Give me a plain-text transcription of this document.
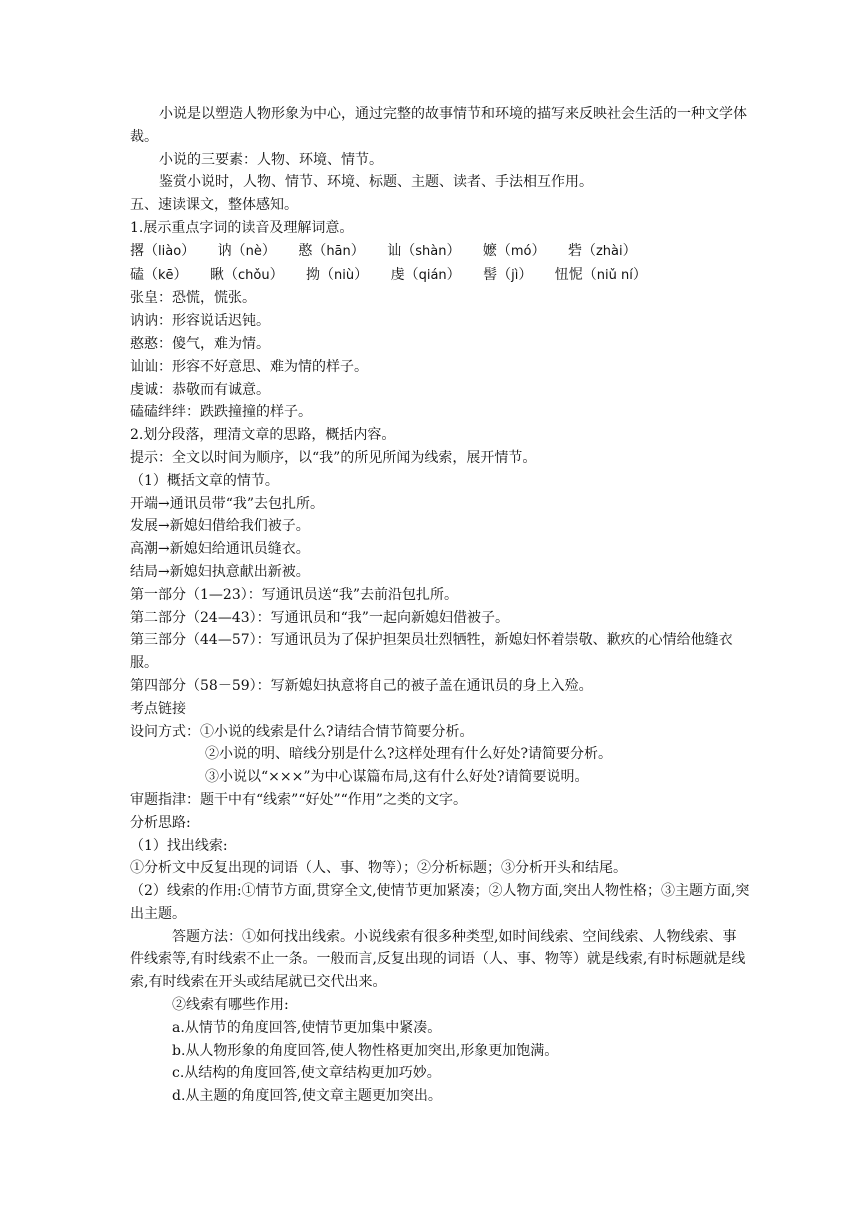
小说是以塑造人物形象为中心，通过完整的故事情节和环境的描写来反映社会生活的一种文学体裁。

小说的三要素：人物、环境、情节。

鉴赏小说时，人物、情节、环境、标题、主题、读者、手法相互作用。

五、速读课文，整体感知。

1.展示重点字词的读音及理解词意。

撂（liào） 讷（nè） 憨（hān） 讪（shàn） 嬷（mó） 砦（zhài）

磕（kē） 瞅（chǒu） 拗（niù） 虔（qián） 髻（jì） 忸怩（niǔ ní）

张皇：恐慌，慌张。

讷讷：形容说话迟钝。

憨憨：傻气，难为情。

讪讪：形容不好意思、难为情的样子。

虔诚：恭敬而有诚意。

磕磕绊绊：跌跌撞撞的样子。

2.划分段落，理清文章的思路，概括内容。

提示：全文以时间为顺序，以“我”的所见所闻为线索，展开情节。

（1）概括文章的情节。

开端→通讯员带“我”去包扎所。

发展→新媳妇借给我们被子。

高潮→新媳妇给通讯员缝衣。

结局→新媳妇执意献出新被。

第一部分（1—23）：写通讯员送“我”去前沿包扎所。

第二部分（24—43）：写通讯员和“我”一起向新媳妇借被子。

第三部分（44—57）：写通讯员为了保护担架员壮烈牺牲，新媳妇怀着崇敬、歉疚的心情给他缝衣服。

第四部分（58－59）：写新媳妇执意将自己的被子盖在通讯员的身上入殓。

考点链接

设问方式：①小说的线索是什么?请结合情节简要分析。

②小说的明、暗线分别是什么?这样处理有什么好处?请简要分析。

③小说以“×××”为中心谋篇布局,这有什么好处?请简要说明。

审题指津：题干中有“线索”“好处”“作用”之类的文字。

分析思路:

（1）找出线索:

①分析文中反复出现的词语（人、事、物等）；②分析标题；③分析开头和结尾。

（2）线索的作用:①情节方面,贯穿全文,使情节更加紧凑；②人物方面,突出人物性格；③主题方面,突出主题。

答题方法：①如何找出线索。小说线索有很多种类型,如时间线索、空间线索、人物线索、事件线索等,有时线索不止一条。一般而言,反复出现的词语（人、事、物等）就是线索,有时标题就是线索,有时线索在开头或结尾就已交代出来。

②线索有哪些作用:

a.从情节的角度回答,使情节更加集中紧凑。

b.从人物形象的角度回答,使人物性格更加突出,形象更加饱满。

c.从结构的角度回答,使文章结构更加巧妙。

d.从主题的角度回答,使文章主题更加突出。
